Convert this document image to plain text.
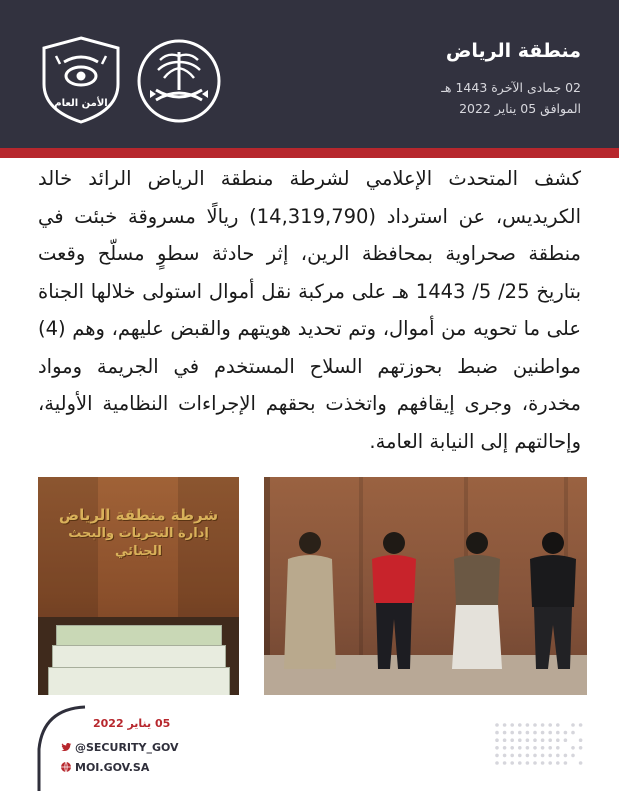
الأمن العام
منطقة الرياض
02 جمادى الآخرة 1443 هـ
الموافق 05 يناير 2022
كشف المتحدث الإعلامي لشرطة منطقة الرياض الرائد خالد الكريديس، عن استرداد (14,319,790) ريالًا مسروقة خبئت في منطقة صحراوية بمحافظة الرين، إثر حادثة سطوٍ مسلّح وقعت بتاريخ 25/ 5/ 1443 هـ على مركبة نقل أموال استولى خلالها الجناة على ما تحويه من أموال، وتم تحديد هويتهم والقبض عليهم، وهم (4) مواطنين ضبط بحوزتهم السلاح المستخدم في الجريمة ومواد مخدرة، وجرى إيقافهم واتخذت بحقهم الإجراءات النظامية الأولية، وإحالتهم إلى النيابة العامة.
شرطة منطقة الرياض
إدارة التحريات والبحث الجنائي
05 يناير 2022
@SECURITY_GOV
MOI.GOV.SA
